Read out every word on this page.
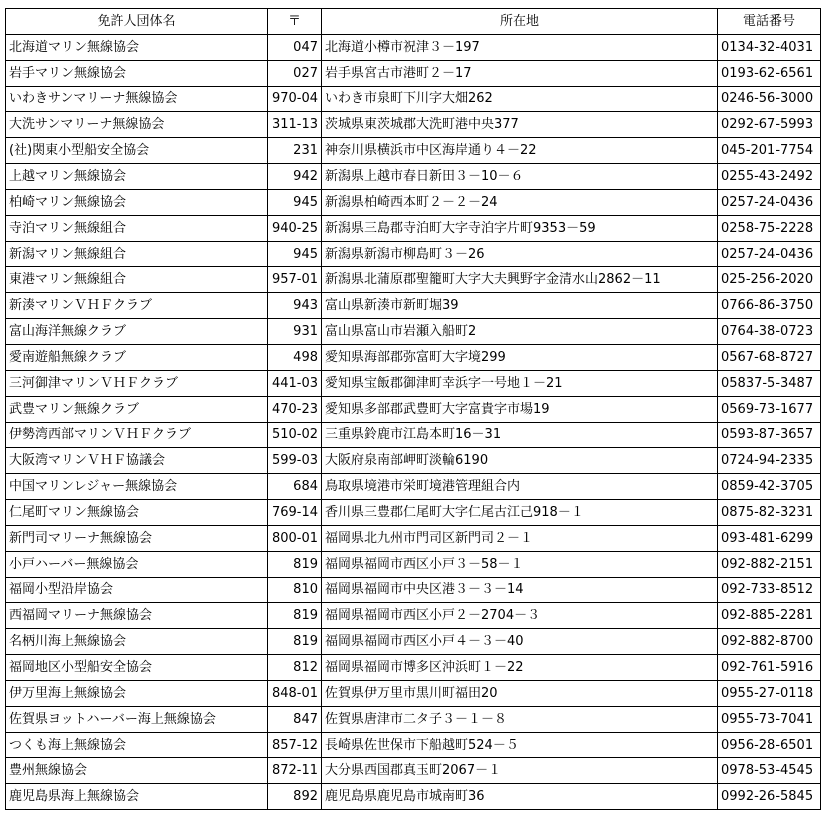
免許人団体名	〒	所在地	電話番号
北海道マリン無線協会	047	北海道小樽市祝津３－197	0134-32-4031
岩手マリン無線協会	027	岩手県宮古市港町２－17	0193-62-6561
いわきサンマリーナ無線協会	970-04	いわき市泉町下川字大畑262	0246-56-3000
大洗サンマリーナ無線協会	311-13	茨城県東茨城郡大洗町港中央377	0292-67-5993
(社)関東小型船安全協会	231	神奈川県横浜市中区海岸通り４－22	045-201-7754
上越マリン無線協会	942	新潟県上越市春日新田３－10－６	0255-43-2492
柏崎マリン無線協会	945	新潟県柏崎西本町２－２－24	0257-24-0436
寺泊マリン無線組合	940-25	新潟県三島郡寺泊町大字寺泊字片町9353－59	0258-75-2228
新潟マリン無線組合	945	新潟県新潟市柳島町３－26	0257-24-0436
東港マリン無線組合	957-01	新潟県北蒲原郡聖籠町大字大夫興野字金清水山2862－11	025-256-2020
新湊マリンＶＨＦクラブ	943	富山県新湊市新町堀39	0766-86-3750
富山海洋無線クラブ	931	富山県富山市岩瀬入船町2	0764-38-0723
愛南遊船無線クラブ	498	愛知県海部郡弥富町大字境299	0567-68-8727
三河御津マリンＶＨＦクラブ	441-03	愛知県宝飯郡御津町幸浜字一号地１－21	05837-5-3487
武豊マリン無線クラブ	470-23	愛知県多部郡武豊町大字富貴字市場19	0569-73-1677
伊勢湾西部マリンＶＨＦクラブ	510-02	三重県鈴鹿市江島本町16－31	0593-87-3657
大阪湾マリンＶＨＦ協議会	599-03	大阪府泉南部岬町淡輪6190	0724-94-2335
中国マリンレジャー無線協会	684	鳥取県境港市栄町境港管理組合内	0859-42-3705
仁尾町マリン無線協会	769-14	香川県三豊郡仁尾町大字仁尾古江己918－１	0875-82-3231
新門司マリーナ無線協会	800-01	福岡県北九州市門司区新門司２－１	093-481-6299
小戸ハーバー無線協会	819	福岡県福岡市西区小戸３－58－１	092-882-2151
福岡小型沿岸協会	810	福岡県福岡市中央区港３－３－14	092-733-8512
西福岡マリーナ無線協会	819	福岡県福岡市西区小戸２－2704－３	092-885-2281
名柄川海上無線協会	819	福岡県福岡市西区小戸４－３－40	092-882-8700
福岡地区小型船安全協会	812	福岡県福岡市博多区沖浜町１－22	092-761-5916
伊万里海上無線協会	848-01	佐賀県伊万里市黒川町福田20	0955-27-0118
佐賀県ヨットハーバー海上無線協会	847	佐賀県唐津市二タ子３－１－８	0955-73-7041
つくも海上無線協会	857-12	長崎県佐世保市下船越町524－５	0956-28-6501
豊州無線協会	872-11	大分県西国郡真玉町2067－１	0978-53-4545
鹿児島県海上無線協会	892	鹿児島県鹿児島市城南町36	0992-26-5845
